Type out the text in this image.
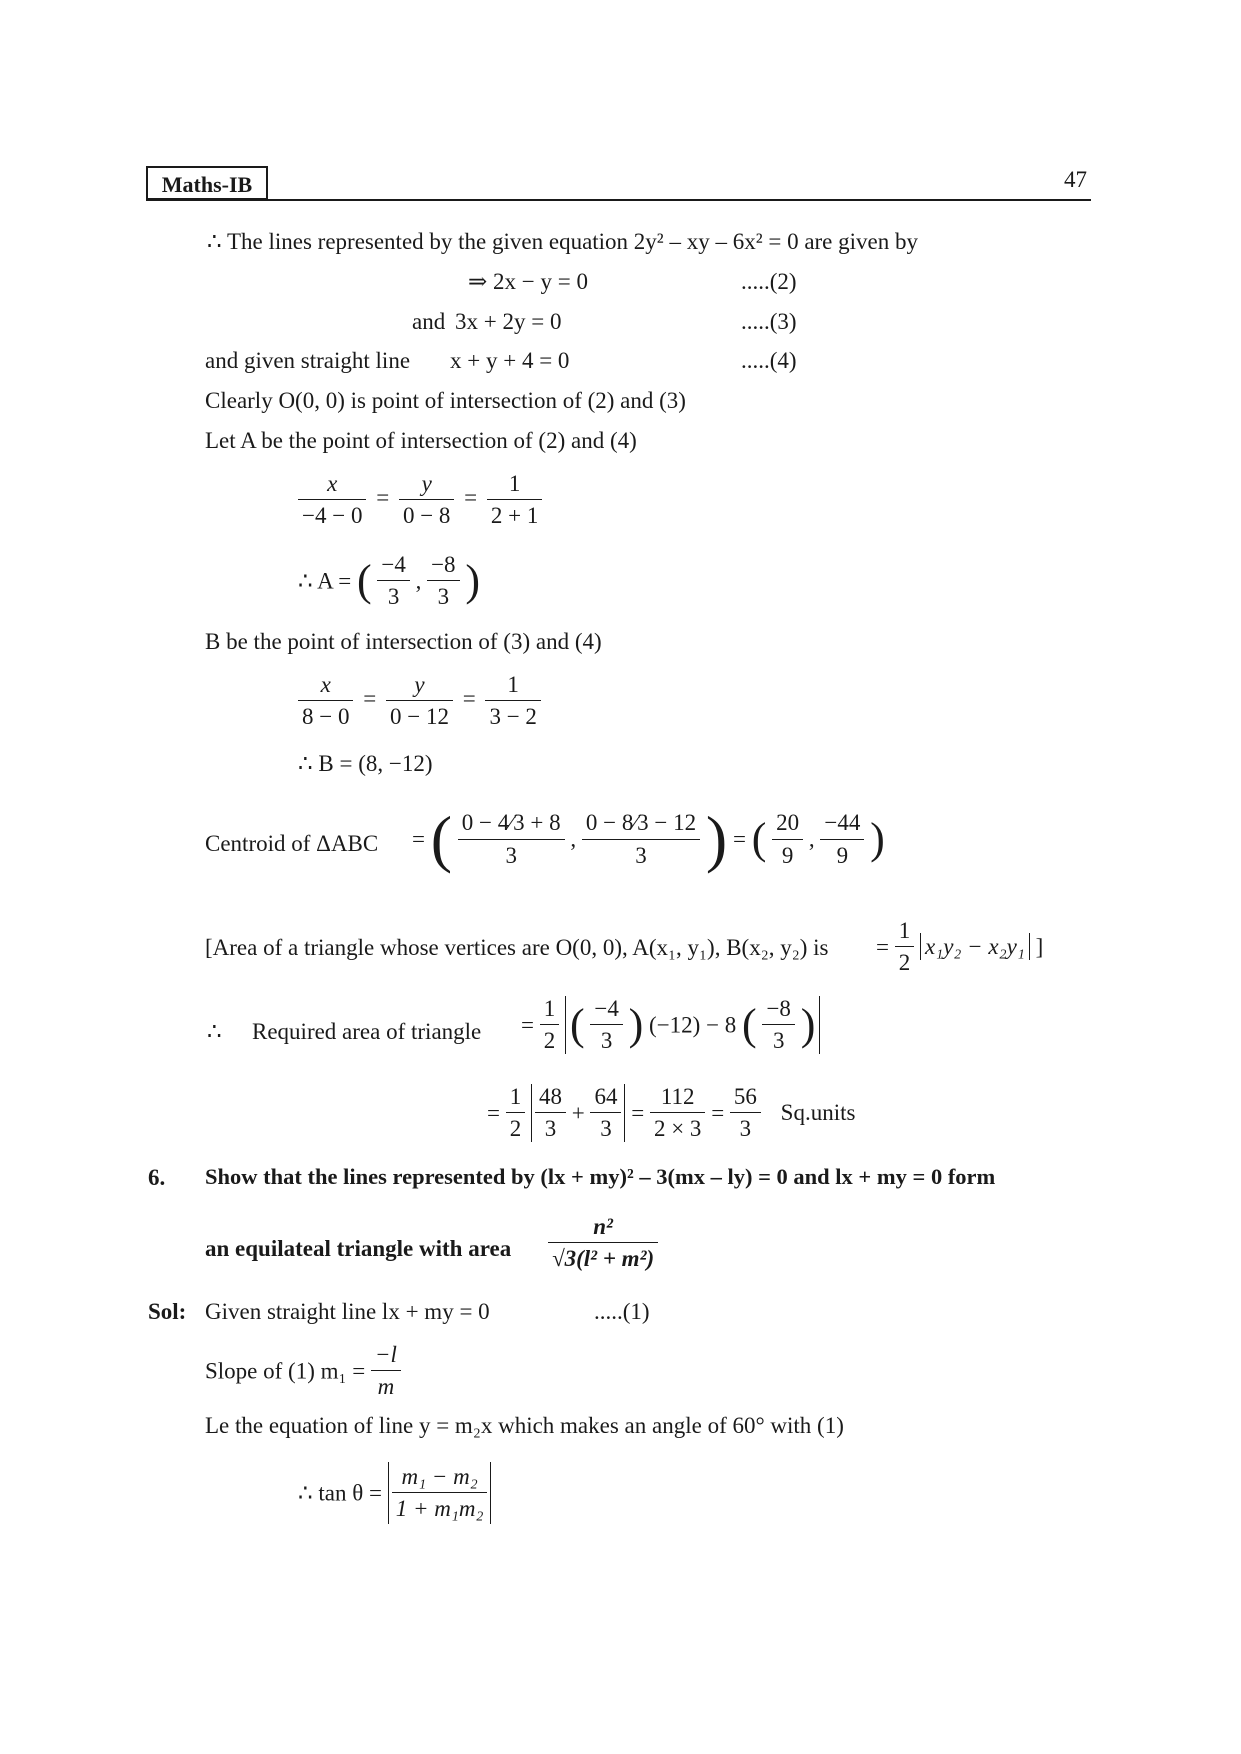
Maths-IB	47
∴ The lines represented by the given equation 2y² – xy – 6x² = 0 are given by
⇒ 2x − y = 0	.....(2)
and 3x + 2y = 0	.....(3)
and given straight line x + y + 4 = 0	.....(4)
Clearly O(0, 0) is point of intersection of (2) and (3)
Let A be the point of intersection of (2) and (4)
$\frac{x}{-4 - 0} = \frac{y}{0 - 8} = \frac{1}{2 + 1}$
∴ A = ( $\frac{-4}{3}$ , $\frac{-8}{3}$ )
B be the point of intersection of (3) and (4)
$\frac{x}{8 - 0} = \frac{y}{0 - 12} = \frac{1}{3 - 2}$
∴ B = (8, −12)
Centroid of ΔABC = ( $\frac{0 - 4⁄3 + 8}{3}$ , $\frac{0 - 8⁄3 - 12}{3}$ ) = ( $\frac{20}{9}$ , $\frac{-44}{9}$ )
[Area of a triangle whose vertices are O(0, 0), A(x₁, y₁), B(x₂, y₂) is = $\frac{1}{2} x_1y_2 - x_2y_1$ ]
∴ Required area of triangle = $\frac{1}{2}$ ( $\frac{-4}{3}$ ) (−12) − 8 ( $\frac{-8}{3}$ )
= $\frac{1}{2}$
$\frac{48}{3} + \frac{64}{3} = \frac{112}{2 \times 3} = \frac{56}{3}$ Sq.units
6. Show that the lines represented by (lx + my)² – 3(mx – ly) = 0 and lx + my = 0 form
an equilateal triangle with area $\frac{\text{n²}}{\text{√3(l² + m²)}}$
Sol: Given straight line lx + my = 0	.....(1)
Slope of (1) $m_1 = \frac{-l}{m}$
Le the equation of line y = m₂x which makes an angle of 60° with (1)
∴ $\tan \theta = \frac{\text{m₁ − m₂}}{\text{1 + m₁m₂}}$
